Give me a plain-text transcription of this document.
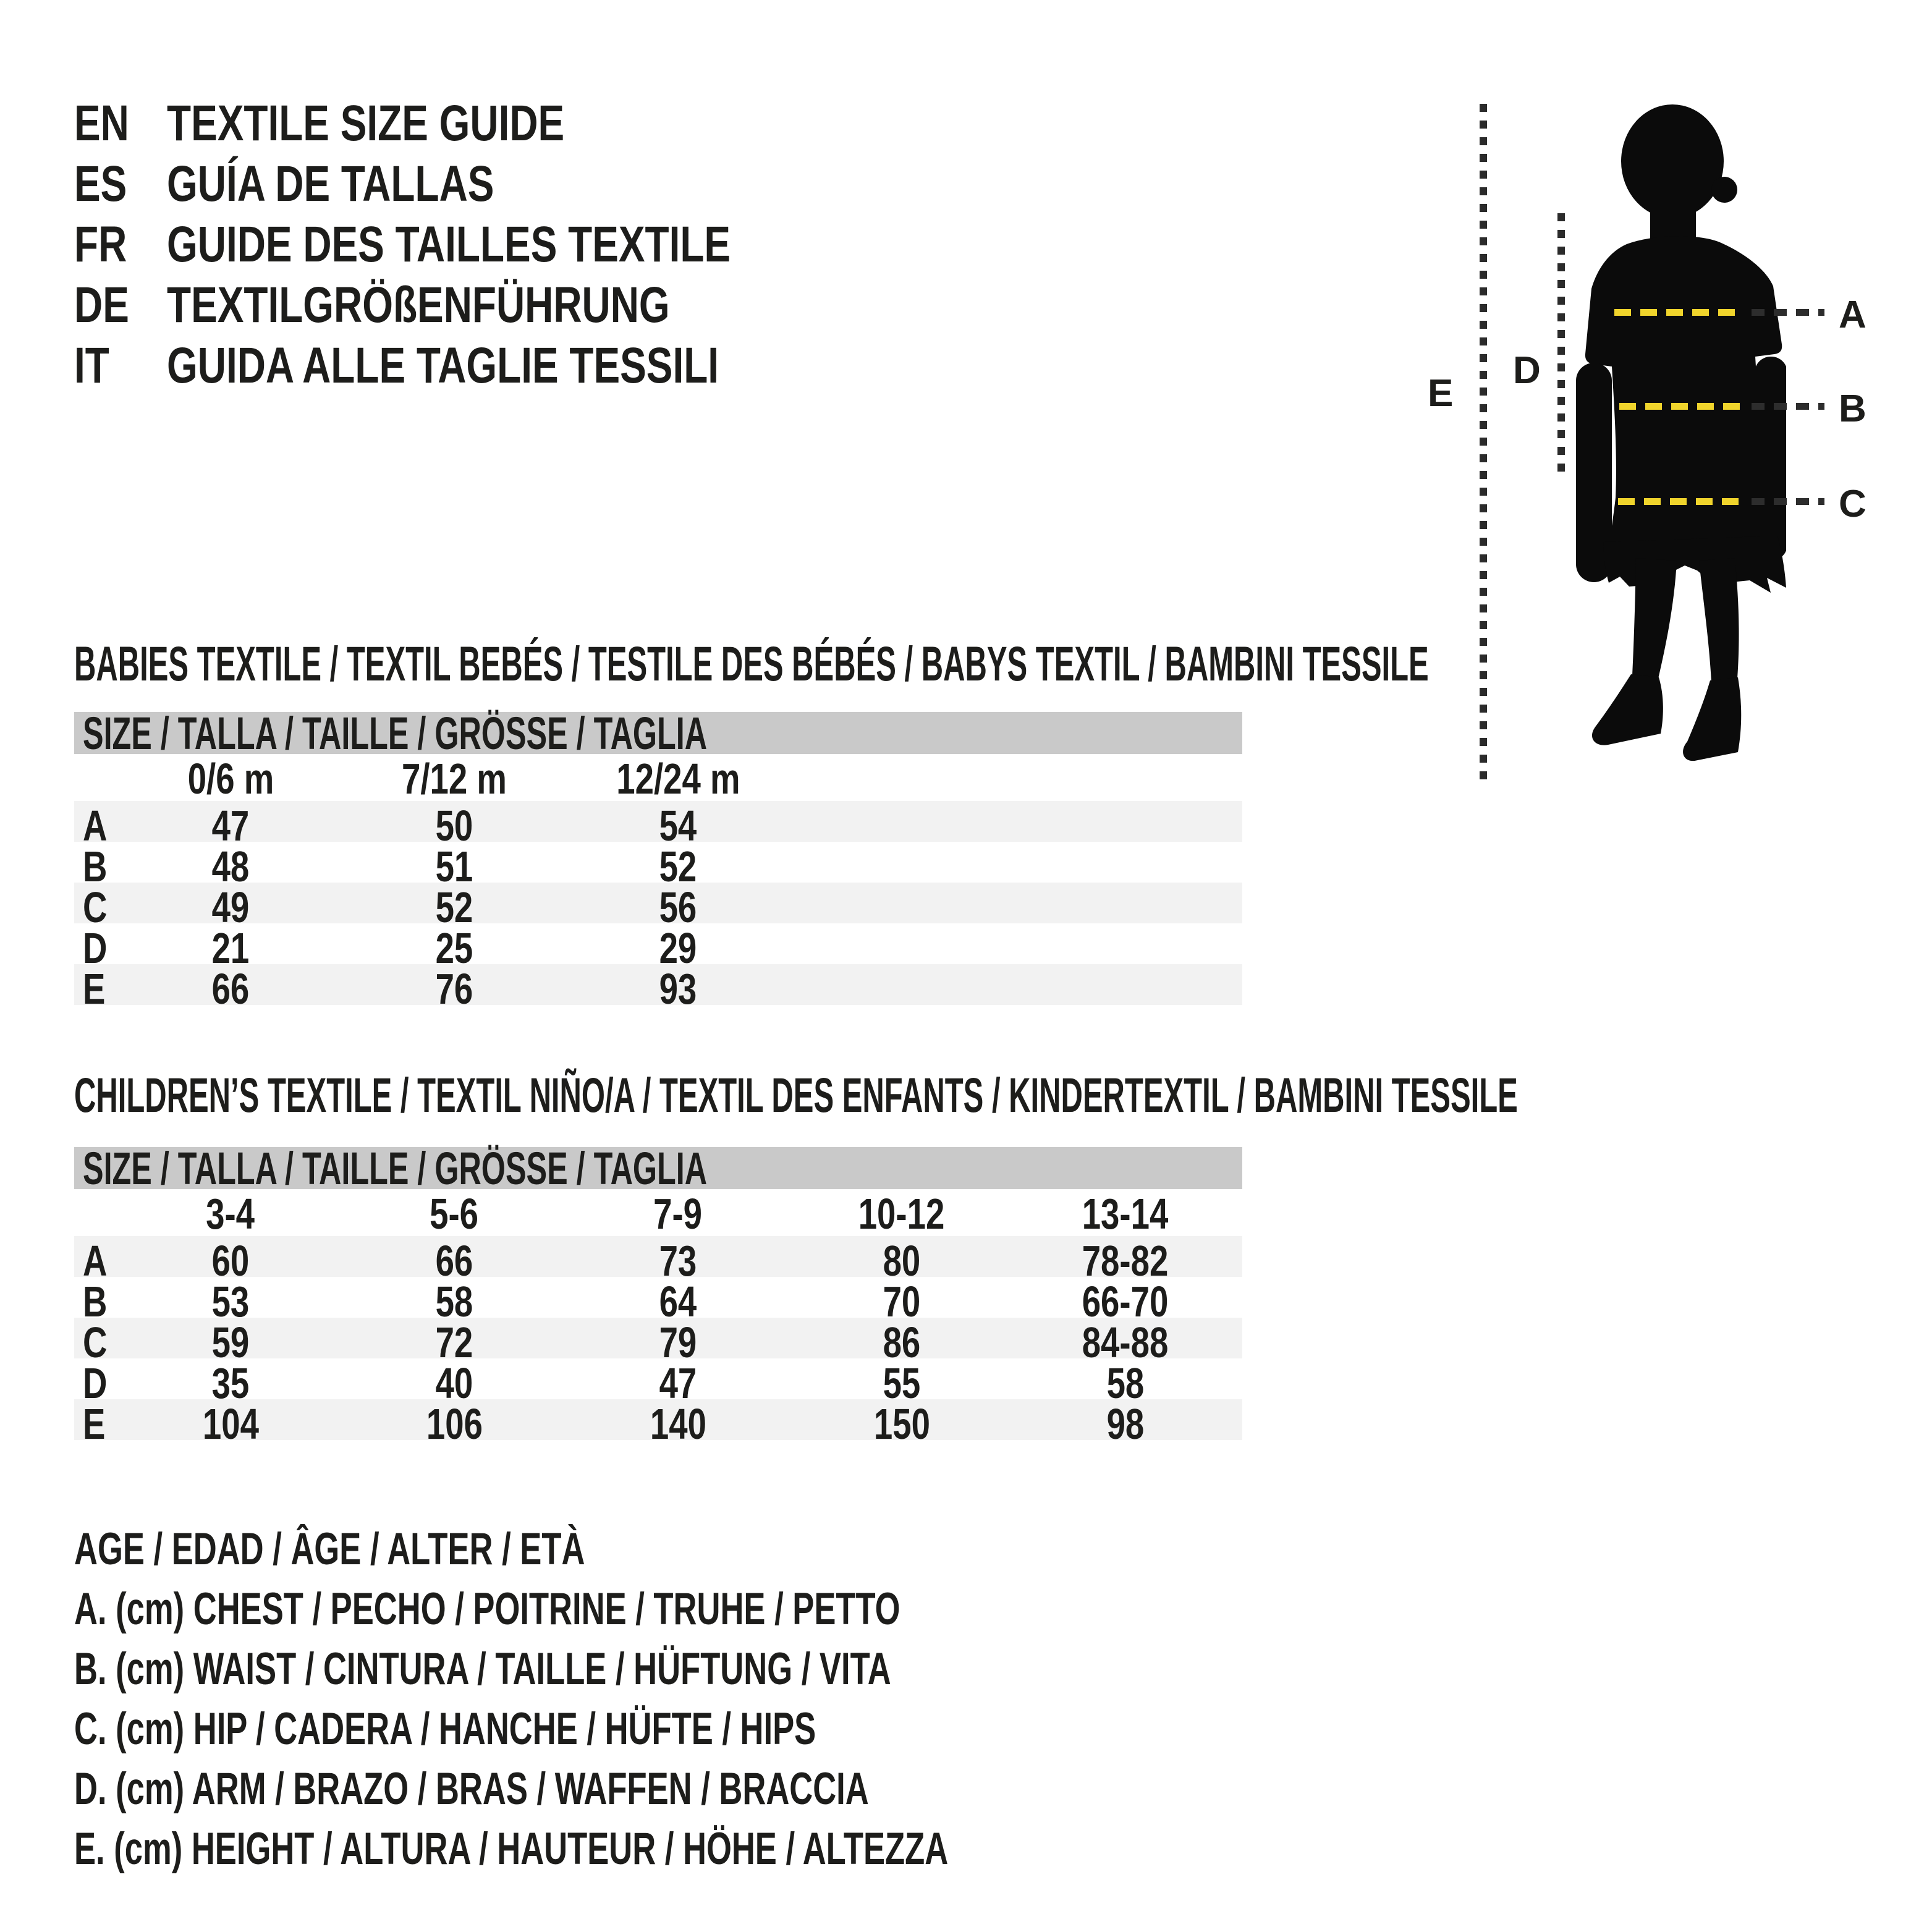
EN TEXTILE SIZE GUIDE
ES GUÍA DE TALLAS
FR GUIDE DES TAILLES TEXTILE
DE TEXTILGRÖßENFÜHRUNG
IT	GUIDA ALLE TAGLIE TESSILI	E
D
A
B
C
BABIES TEXTILE / TEXTIL BEBÉS / TESTILE DES BÉBÉS / BABYS TEXTIL / BAMBINI TESSILE
SIZE / TALLA / TAILLE / GRÖSSE / TAGLIA
0/6 m	7/12 m	12/24 m
A 47	50	54
B 48	51	52
C 49	52	56
D 21	25	29
E 66	76	93
CHILDREN’S TEXTILE / TEXTIL NIÑO/A / TEXTIL DES ENFANTS / KINDERTEXTIL / BAMBINI TESSILE
SIZE / TALLA / TAILLE / GRÖSSE / TAGLIA
3-4	5-6	7-9	10-12	13-14
A 60	66	73	80	78-82
B 53	58	64	70	66-70
C 59	72	79	86	84-88
D 35	40	47	55	58
E 104	106	140	150	98
AGE / EDAD / ÂGE / ALTER / ETÀ
A. (cm) CHEST / PECHO / POITRINE / TRUHE / PETTO
B. (cm) WAIST / CINTURA / TAILLE / HÜFTUNG / VITA
C. (cm) HIP / CADERA / HANCHE / HÜFTE / HIPS
D. (cm) ARM / BRAZO / BRAS / WAFFEN / BRACCIA
E. (cm) HEIGHT / ALTURA / HAUTEUR / HÖHE / ALTEZZA
